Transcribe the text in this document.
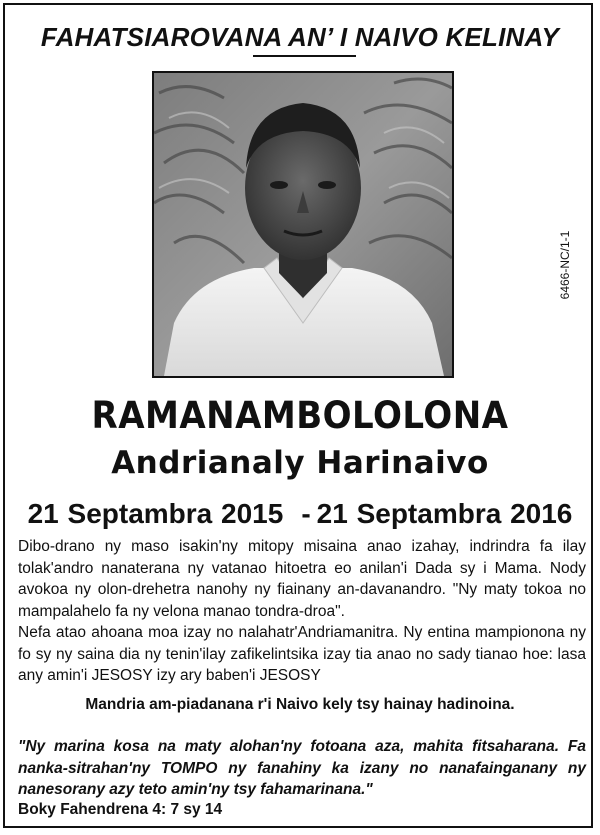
FAHATSIAROVANA AN’ I NAIVO KELINAY
6466-NC/1-1
RAMANAMBOLOLONA
Andrianaly Harinaivo
21 Septambra 2015 - 21 Septambra 2016

Dibo-drano ny maso isakin'ny mitopy misaina anao izahay, indrindra fa ilay tolak'andro nanaterana ny vatanao hitoetra eo anilan'i Dada sy i Mama. Nody avokoa ny olon-drehetra nanohy ny fiainany an-davanandro. "Ny maty tokoa no mampalahelo fa ny velona manao tondra-droa".

Nefa atao ahoana moa izay no nalahatr'Andriamanitra. Ny entina mampionona ny fo sy ny saina dia ny tenin'ilay zafikelintsika izay tia anao no sady tianao hoe: lasa any amin'i JESOSY izy ary baben'i JESOSY

Mandria am-piadanana r'i Naivo kely tsy hainay hadinoina.
"Ny marina kosa na maty alohan'ny fotoana aza, mahita fitsaharana. Fa nanka-sitrahan'ny TOMPO ny fanahiny ka izany no nanafainganany ny nanesorany azy teto amin'ny tsy fahamarinana."
Boky Fahendrena 4: 7 sy 14
